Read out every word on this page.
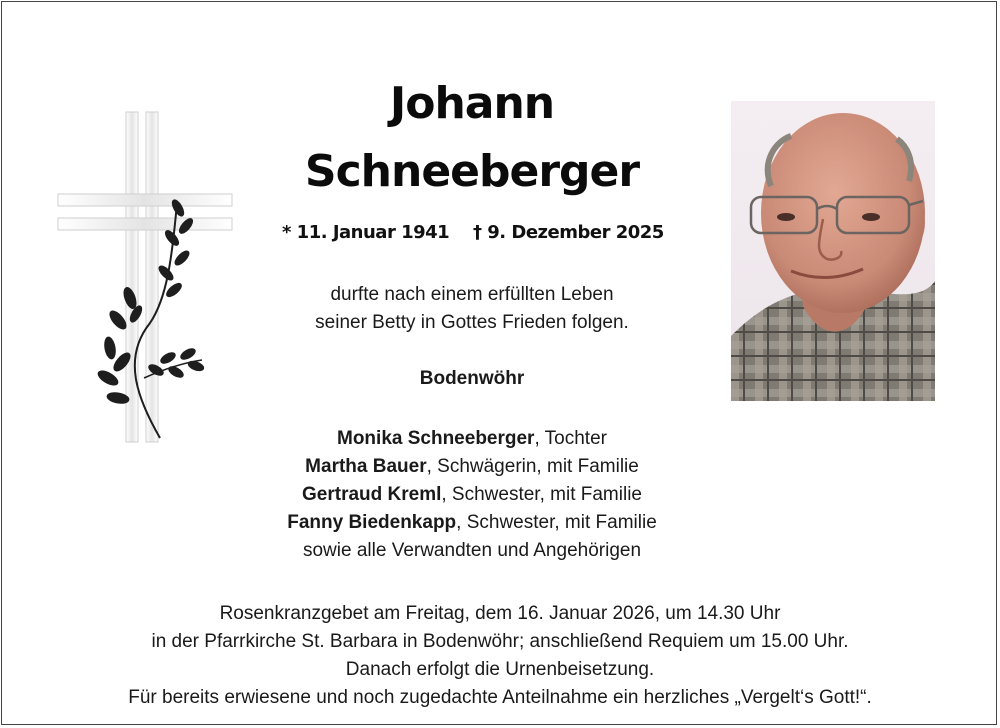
Johann
Schneeberger
* 11. Januar 1941 † 9. Dezember 2025
durfte nach einem erfüllten Leben
seiner Betty in Gottes Frieden folgen.
Bodenwöhr
Monika Schneeberger, Tochter
Martha Bauer, Schwägerin, mit Familie
Gertraud Kreml, Schwester, mit Familie
Fanny Biedenkapp, Schwester, mit Familie
sowie alle Verwandten und Angehörigen
Rosenkranzgebet am Freitag, dem 16. Januar 2026, um 14.30 Uhr
in der Pfarrkirche St. Barbara in Bodenwöhr; anschließend Requiem um 15.00 Uhr.
Danach erfolgt die Urnenbeisetzung.
Für bereits erwiesene und noch zugedachte Anteilnahme ein herzliches „Vergelt‘s Gott!“.
